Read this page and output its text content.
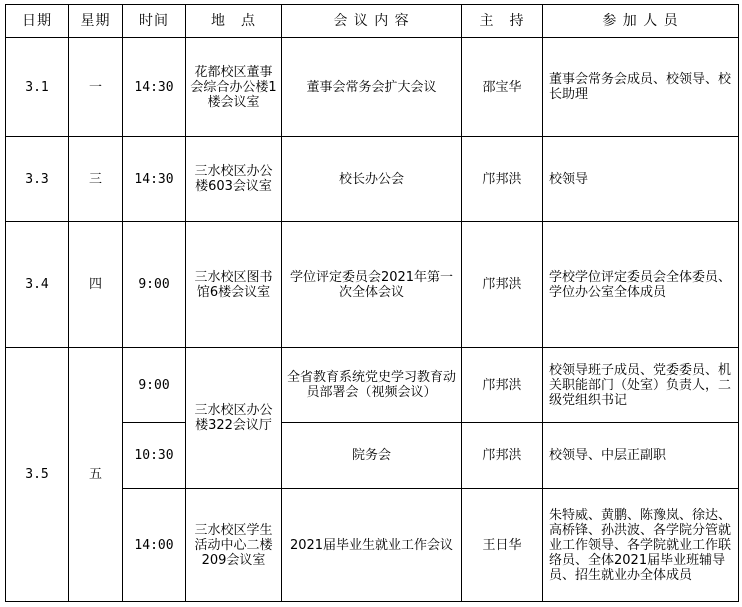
日期	星期	时间	地　点	会 议 内 容	主　持	参 加 人 员
3.1	一	14:30	花都校区董事会综合办公楼1楼会议室	董事会常务会扩大会议	邵宝华	董事会常务会成员、校领导、校长助理
3.3	三	14:30	三水校区办公楼603会议室	校长办公会	邝邦洪	校领导
3.4	四	9:00	三水校区图书馆6楼会议室	学位评定委员会2021年第一次全体会议	邝邦洪	学校学位评定委员会全体委员、学位办公室全体成员
3.5	五	9:00	三水校区办公楼322会议厅	全省教育系统党史学习教育动员部署会（视频会议）	邝邦洪	校领导班子成员、党委委员、机关职能部门（处室）负责人，二级党组织书记
		10:30		院务会	邝邦洪	校领导、中层正副职
		14:00	三水校区学生活动中心二楼209会议室	2021届毕业生就业工作会议	王日华	朱特威、黄鹏、陈豫岚、徐达、高桥锋、孙洪波、各学院分管就业工作领导、各学院就业工作联络员、全体2021届毕业班辅导员、招生就业办全体成员
